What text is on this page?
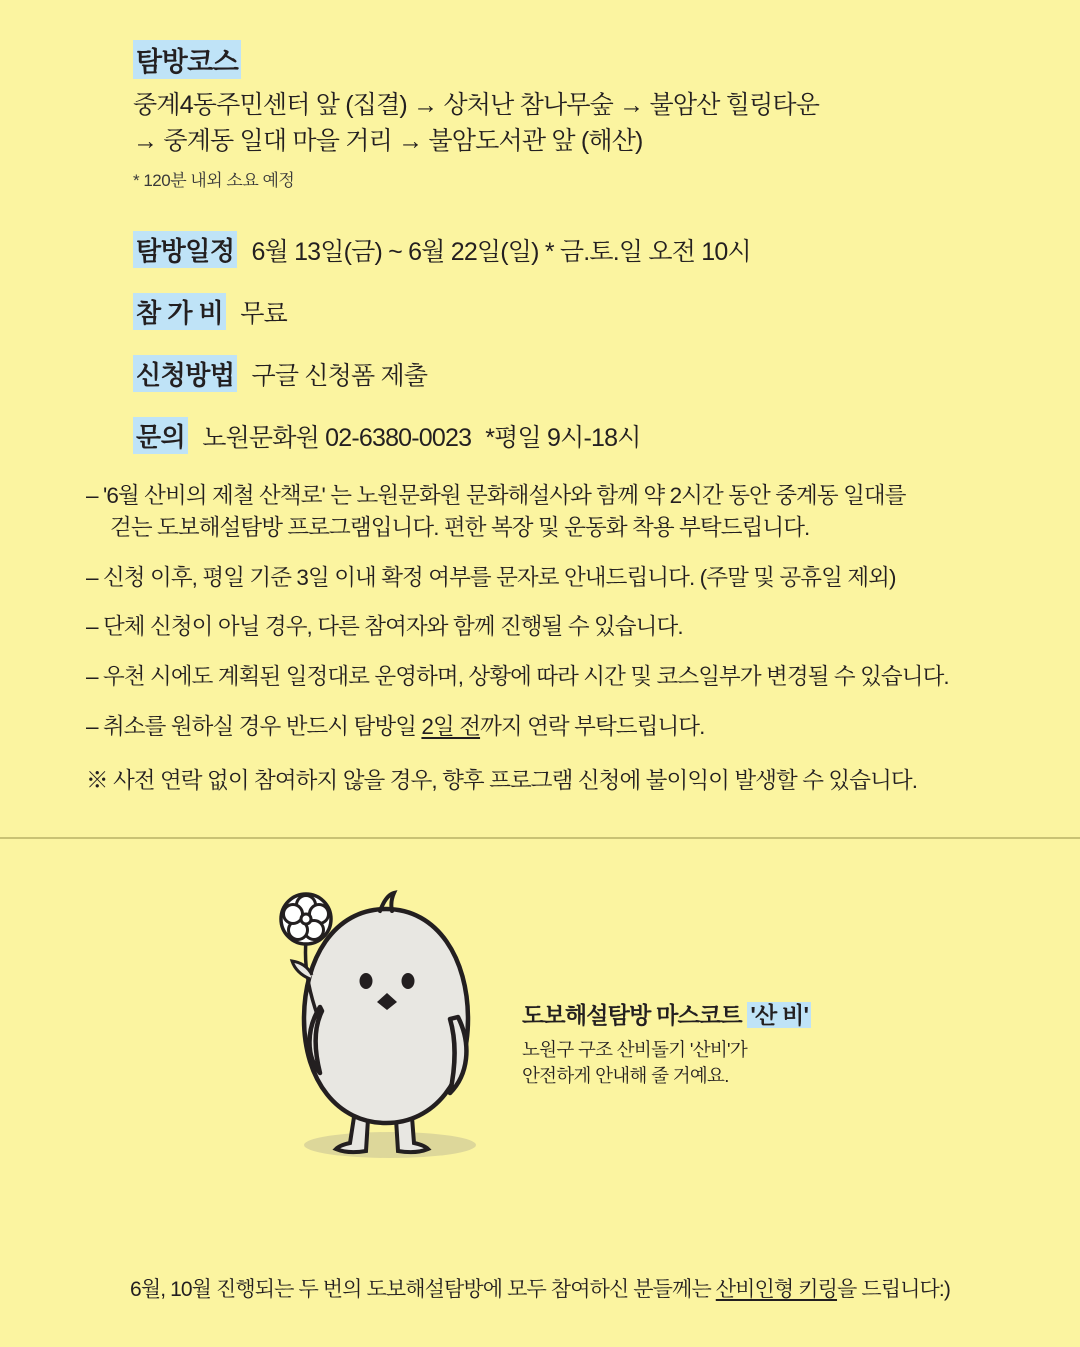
탐방코스
중계4동주민센터 앞 (집결) → 상처난 참나무숲 → 불암산 힐링타운
→ 중계동 일대 마을 거리 → 불암도서관 앞 (해산)
* 120분 내외 소요 예정
탐방일정 6월 13일(금) ~ 6월 22일(일) * 금.토.일 오전 10시
참 가 비 무료
신청방법 구글 신청폼 제출
문의 노원문화원 02-6380-0023 *평일 9시-18시
– '6월 산비의 제철 산책로' 는 노원문화원 문화해설사와 함께 약 2시간 동안 중계동 일대를
걷는 도보해설탐방 프로그램입니다. 편한 복장 및 운동화 착용 부탁드립니다.
– 신청 이후, 평일 기준 3일 이내 확정 여부를 문자로 안내드립니다. (주말 및 공휴일 제외)
– 단체 신청이 아닐 경우, 다른 참여자와 함께 진행될 수 있습니다.
– 우천 시에도 계획된 일정대로 운영하며, 상황에 따라 시간 및 코스일부가 변경될 수 있습니다.
– 취소를 원하실 경우 반드시 탐방일 2일 전까지 연락 부탁드립니다.
※ 사전 연락 없이 참여하지 않을 경우, 향후 프로그램 신청에 불이익이 발생할 수 있습니다.
도보해설탐방 마스코트 '산 비'
노원구 구조 산비돌기 '산비'가
안전하게 안내해 줄 거예요.
6월, 10월 진행되는 두 번의 도보해설탐방에 모두 참여하신 분들께는 산비인형 키링을 드립니다:)
